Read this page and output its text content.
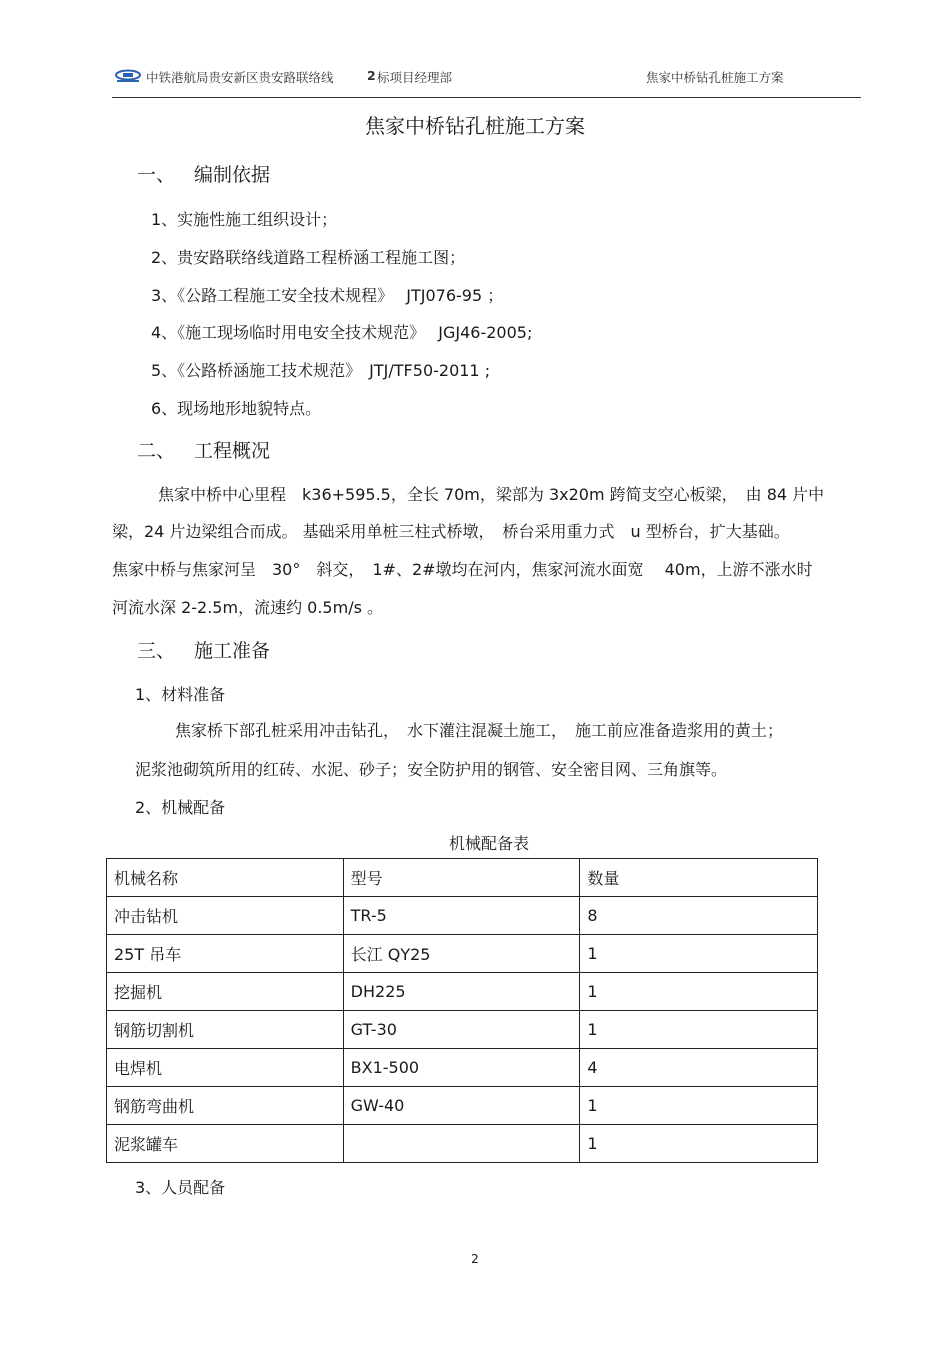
中铁港航局贵安新区贵安路联络线	2 标项目经理部	焦家中桥钻孔桩施工方案
焦家中桥钻孔桩施工方案
一、 编制依据
1、实施性施工组织设计；
2、贵安路联络线道路工程桥涵工程施工图；
3、《公路工程施工安全技术规程》　 JTJ076-95 ；
4、《施工现场临时用电安全技术规范》　 JGJ46-2005;
5、《公路桥涵施工技术规范》　JTJ/TF50-2011 ;
6、现场地形地貌特点。
二、 工程概况
焦家中桥中心里程　k36+595.5，全长 70m，梁部为 3x20m 跨简支空心板梁，　由 84 片中
梁，24 片边梁组合而成。 基础采用单桩三柱式桥墩，　桥台采用重力式　u 型桥台，扩大基础。
焦家中桥与焦家河呈　30°　斜交，　1#、2#墩均在河内，焦家河流水面宽　 40m，上游不涨水时
河流水深 2-2.5m，流速约 0.5m/s 。
三、 施工准备
1、材料准备
焦家桥下部孔桩采用冲击钻孔，　水下灌注混凝土施工，　施工前应准备造浆用的黄土；
泥浆池砌筑所用的红砖、水泥、砂子；安全防护用的钢管、安全密目网、三角旗等。
2、机械配备
机械配备表
机械名称	型号	数量
冲击钻机	TR-5	8
25T 吊车	长江 QY25	1
挖掘机	DH225	1
钢筋切割机	GT-30	1
电焊机	BX1-500	4
钢筋弯曲机	GW-40	1
泥浆罐车		1
3、人员配备
2
